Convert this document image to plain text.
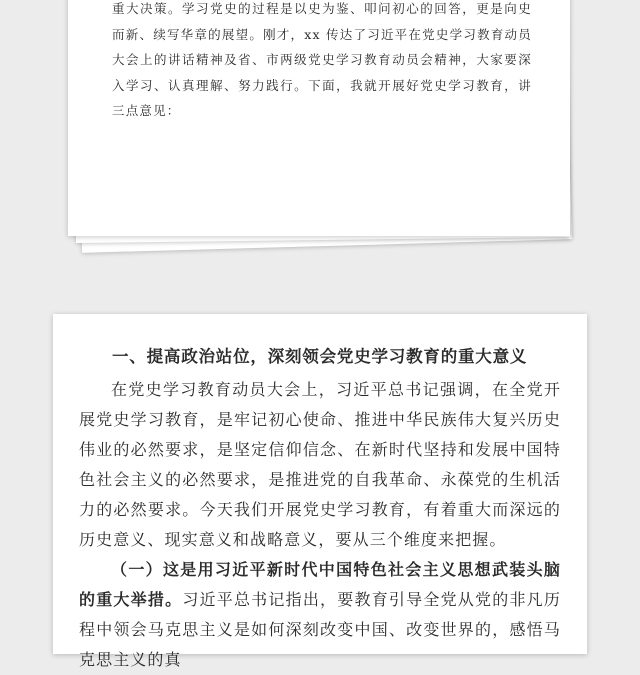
重大决策。学习党史的过程是以史为鉴、叩问初心的回答，更是向史而新、续写华章的展望。刚才，xx 传达了习近平在党史学习教育动员大会上的讲话精神及省、市两级党史学习教育动员会精神，大家要深入学习、认真理解、努力践行。下面，我就开展好党史学习教育，讲三点意见：

一、提高政治站位，深刻领会党史学习教育的重大意义

在党史学习教育动员大会上，习近平总书记强调，在全党开展党史学习教育，是牢记初心使命、推进中华民族伟大复兴历史伟业的必然要求，是坚定信仰信念、在新时代坚持和发展中国特色社会主义的必然要求，是推进党的自我革命、永葆党的生机活力的必然要求。今天我们开展党史学习教育，有着重大而深远的历史意义、现实意义和战略意义，要从三个维度来把握。

（一）这是用习近平新时代中国特色社会主义思想武装头脑的重大举措。习近平总书记指出，要教育引导全党从党的非凡历程中领会马克思主义是如何深刻改变中国、改变世界的，感悟马克思主义的真
